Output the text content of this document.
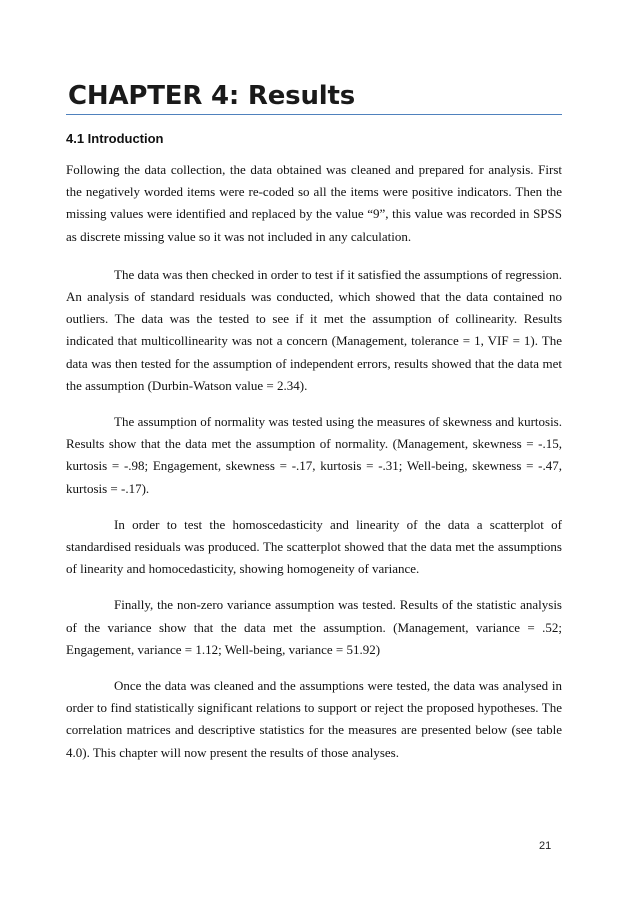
CHAPTER 4: Results
4.1 Introduction

Following the data collection, the data obtained was cleaned and prepared for analysis. First the negatively worded items were re-coded so all the items were positive indicators. Then the missing values were identified and replaced by the value “9”, this value was recorded in SPSS as discrete missing value so it was not included in any calculation.

The data was then checked in order to test if it satisfied the assumptions of regression. An analysis of standard residuals was conducted, which showed that the data contained no outliers. The data was the tested to see if it met the assumption of collinearity. Results indicated that multicollinearity was not a concern (Management, tolerance = 1, VIF = 1). The data was then tested for the assumption of independent errors, results showed that the data met the assumption (Durbin-Watson value = 2.34).

The assumption of normality was tested using the measures of skewness and kurtosis. Results show that the data met the assumption of normality. (Management, skewness = -.15, kurtosis = -.98; Engagement, skewness = -.17, kurtosis = -.31; Well-being, skewness = -.47, kurtosis = -.17).

In order to test the homoscedasticity and linearity of the data a scatterplot of standardised residuals was produced. The scatterplot showed that the data met the assumptions of linearity and homocedasticity, showing homogeneity of variance.

Finally, the non-zero variance assumption was tested. Results of the statistic analysis of the variance show that the data met the assumption. (Management, variance = .52; Engagement, variance = 1.12; Well-being, variance = 51.92)

Once the data was cleaned and the assumptions were tested, the data was analysed in order to find statistically significant relations to support or reject the proposed hypotheses. The correlation matrices and descriptive statistics for the measures are presented below (see table 4.0). This chapter will now present the results of those analyses.

21
